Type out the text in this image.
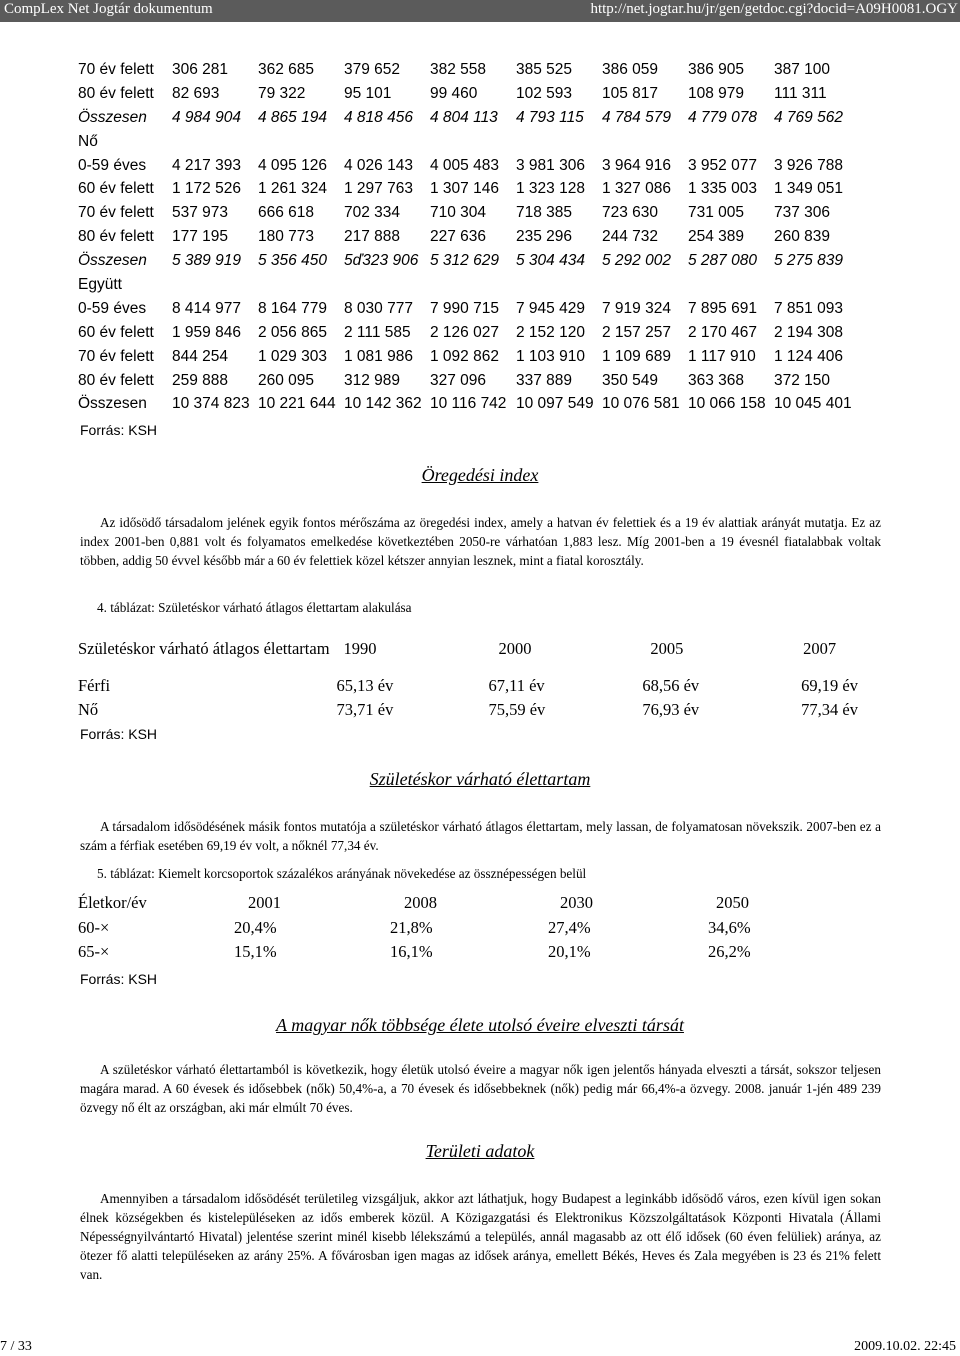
CompLex Net Jogtár dokumentum	http://net.jogtar.hu/jr/gen/getdoc.cgi?docid=A09H0081.OGY
70 év felett	306 281	362 685	379 652	382 558	385 525	386 059	386 905	387 100
80 év felett	82 693	79 322	95 101	99 460	102 593	105 817	108 979	111 311
Összesen	4 984 904	4 865 194	4 818 456	4 804 113	4 793 115	4 784 579	4 779 078	4 769 562
Nő								
0-59 éves	4 217 393	4 095 126	4 026 143	4 005 483	3 981 306	3 964 916	3 952 077	3 926 788
60 év felett	1 172 526	1 261 324	1 297 763	1 307 146	1 323 128	1 327 086	1 335 003	1 349 051
70 év felett	537 973	666 618	702 334	710 304	718 385	723 630	731 005	737 306
80 év felett	177 195	180 773	217 888	227 636	235 296	244 732	254 389	260 839
Összesen	5 389 919	5 356 450	5ď323 906	5 312 629	5 304 434	5 292 002	5 287 080	5 275 839
Együtt								
0-59 éves	8 414 977	8 164 779	8 030 777	7 990 715	7 945 429	7 919 324	7 895 691	7 851 093
60 év felett	1 959 846	2 056 865	2 111 585	2 126 027	2 152 120	2 157 257	2 170 467	2 194 308
70 év felett	844 254	1 029 303	1 081 986	1 092 862	1 103 910	1 109 689	1 117 910	1 124 406
80 év felett	259 888	260 095	312 989	327 096	337 889	350 549	363 368	372 150
Összesen	10 374 823	10 221 644	10 142 362	10 116 742	10 097 549	10 076 581	10 066 158	10 045 401
Forrás: KSH
Öregedési index
Az idősödő társadalom jelének egyik fontos mérőszáma az öregedési index, amely a hatvan év felettiek és a 19 év alattiak arányát mutatja. Ez az index 2001-ben 0,881 volt és folyamatos emelkedése következtében 2050-re várhatóan 1,883 lesz. Míg 2001-ben a 19 évesnél fiatalabbak voltak többen, addig 50 évvel később már a 60 év felettiek közel kétszer annyian lesznek, mint a fiatal korosztály.
4. táblázat: Születéskor várható átlagos élettartam alakulása
Születéskor várható átlagos élettartam	1990	2000	2005	2007
Férfi	65,13 év	67,11 év	68,56 év	69,19 év
Nő	73,71 év	75,59 év	76,93 év	77,34 év
Forrás: KSH
Születéskor várható élettartam
A társadalom idősödésének másik fontos mutatója a születéskor várható átlagos élettartam, mely lassan, de folyamatosan növekszik. 2007-ben ez a szám a férfiak esetében 69,19 év volt, a nőknél 77,34 év.
5. táblázat: Kiemelt korcsoportok százalékos arányának növekedése az össznépességen belül
Életkor/év	2001	2008	2030	2050
60-×	20,4%	21,8%	27,4%	34,6%
65-×	15,1%	16,1%	20,1%	26,2%
Forrás: KSH
A magyar nők többsége élete utolsó éveire elveszti társát
A születéskor várható élettartamból is következik, hogy életük utolsó éveire a magyar nők igen jelentős hányada elveszti a társát, sokszor teljesen magára marad. A 60 évesek és idősebbek (nők) 50,4%-a, a 70 évesek és idősebbeknek (nők) pedig már 66,4%-a özvegy. 2008. január 1-jén 489 239 özvegy nő élt az országban, aki már elmúlt 70 éves.
Területi adatok
Amennyiben a társadalom idősödését területileg vizsgáljuk, akkor azt láthatjuk, hogy Budapest a leginkább idősödő város, ezen kívül igen sokan élnek községekben és kistelepüléseken az idős emberek közül. A Közigazgatási és Elektronikus Közszolgáltatások Központi Hivatala (Állami Népességnyilvántartó Hivatal) jelentése szerint minél kisebb lélekszámú a település, annál magasabb az ott élő idősek (60 éven felüliek) aránya, az ötezer fő alatti településeken az arány 25%. A fővárosban igen magas az idősek aránya, emellett Békés, Heves és Zala megyében is 23 és 21% felett van.
7 / 33	2009.10.02. 22:45
